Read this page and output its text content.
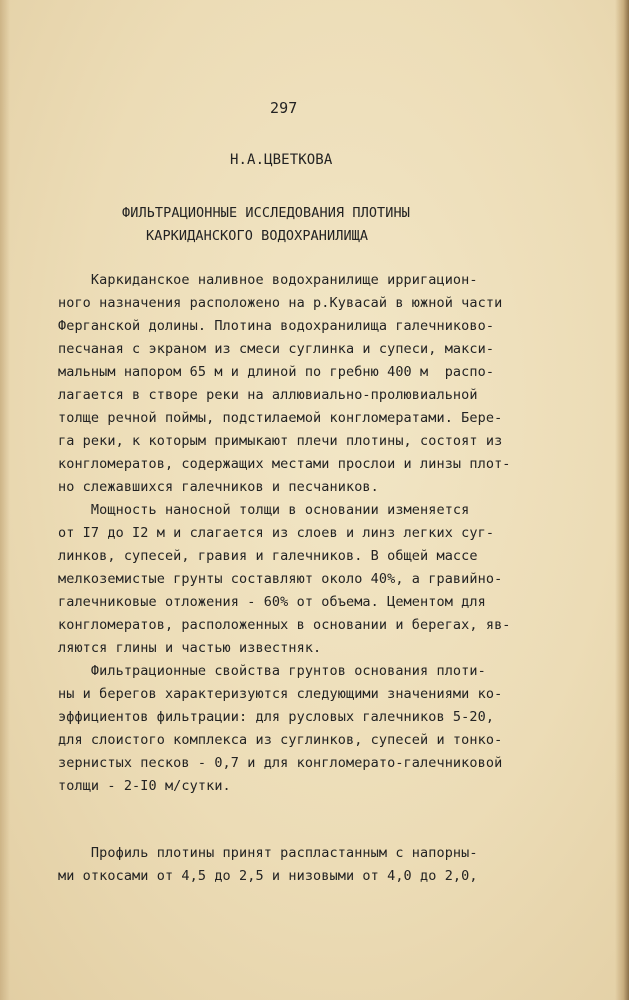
297
Н.А.ЦВЕТКОВА
ФИЛЬТРАЦИОННЫЕ ИССЛЕДОВАНИЯ ПЛОТИНЫ
КАРКИДАНСКОГО ВОДОХРАНИЛИЩА
Каркиданское наливное водохранилище ирригацион-
ного назначения расположено на р.Кувасай в южной части
Ферганской долины. Плотина водохранилища галечниково-
песчаная с экраном из смеси суглинка и супеси, макси-
мальным напором 65 м и длиной по гребню 400 м  распо-
лагается в створе реки на аллювиально-пролювиальной
толще речной поймы, подстилаемой конгломератами. Бере-
га реки, к которым примыкают плечи плотины, состоят из
конгломератов, содержащих местами прослои и линзы плот-
но слежавшихся галечников и песчаников.
Мощность наносной толщи в основании изменяется
от I7 до I2 м и слагается из слоев и линз легких суг-
линков, супесей, гравия и галечников. В общей массе
мелкоземистые грунты составляют около 40%, а гравийно-
галечниковые отложения - 60% от объема. Цементом для
конгломератов, расположенных в основании и берегах, яв-
ляются глины и частью известняк.
Фильтрационные свойства грунтов основания плоти-
ны и берегов характеризуются следующими значениями ко-
эффициентов фильтрации: для русловых галечников 5-20,
для слоистого комплекса из суглинков, супесей и тонко-
зернистых песков - 0,7 и для конгломерато-галечниковой
толщи - 2-I0 м/сутки.
Профиль плотины принят распластанным с напорны-
ми откосами от 4,5 до 2,5 и низовыми от 4,0 до 2,0,
